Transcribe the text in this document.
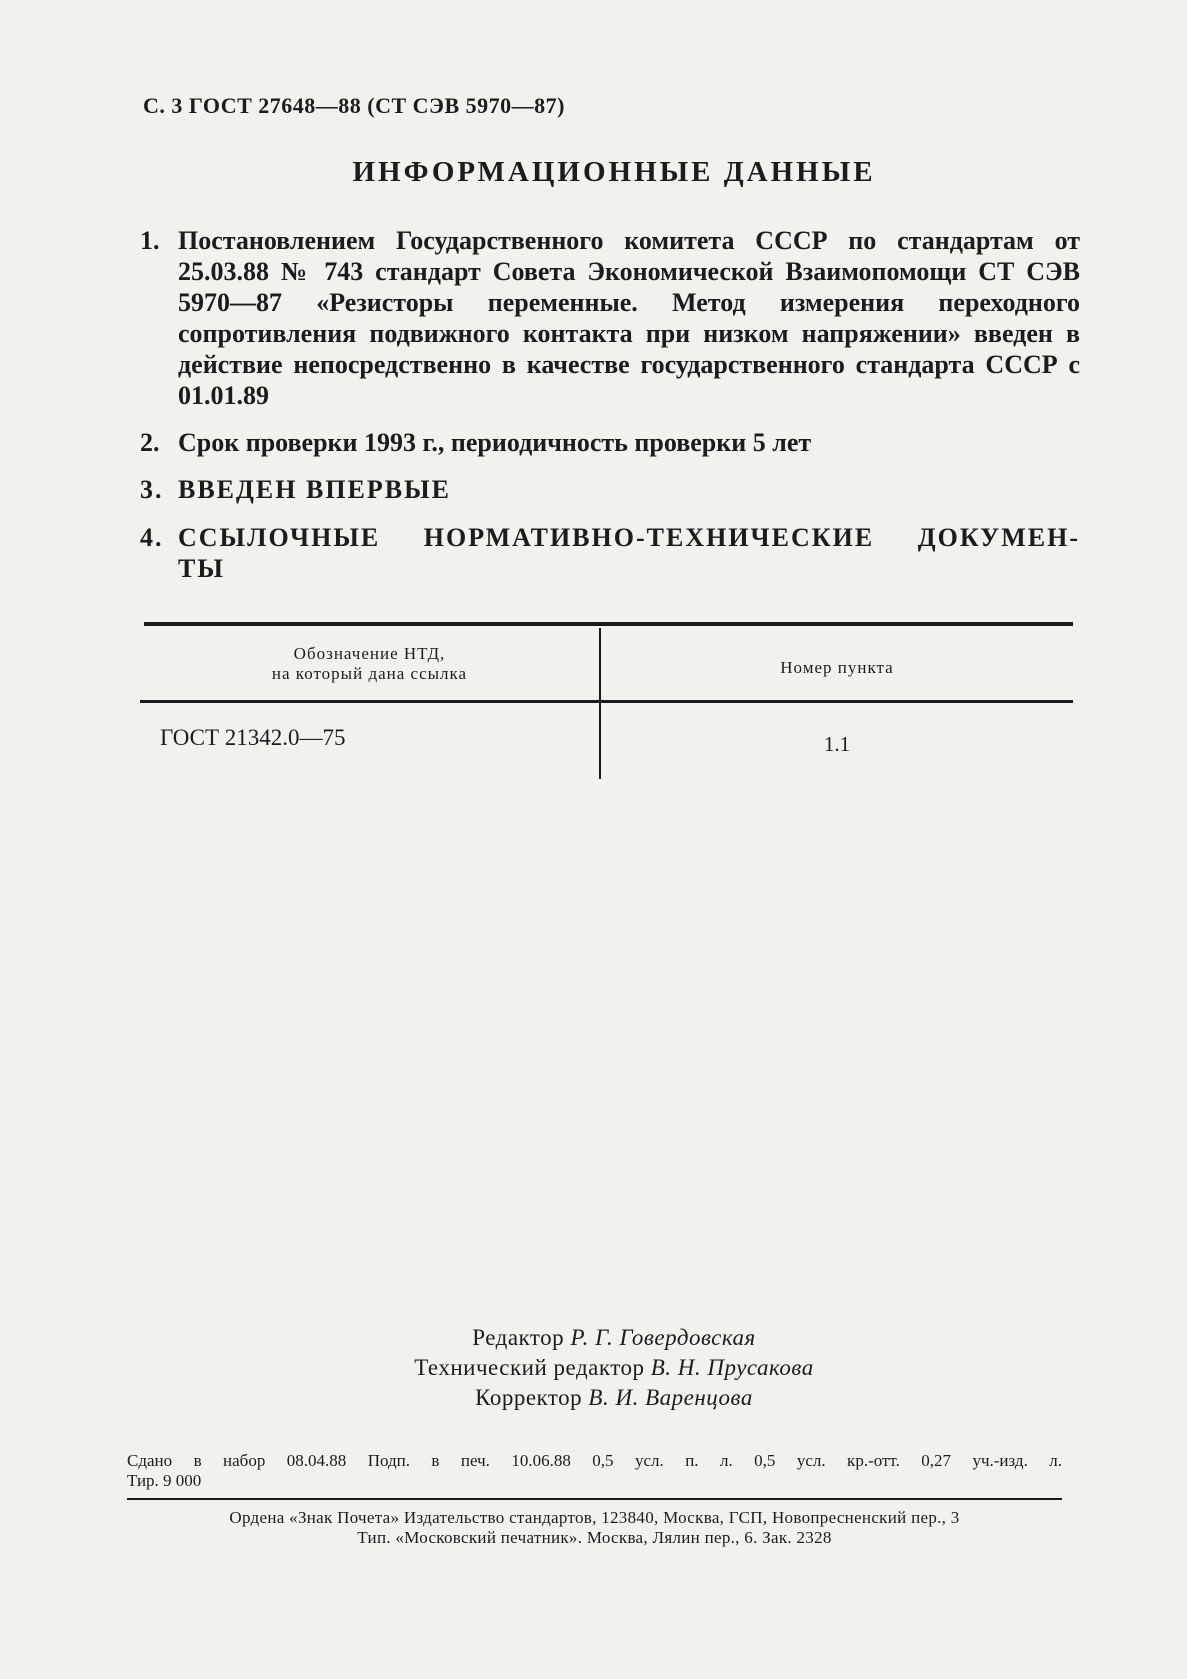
С. 3 ГОСТ 27648—88 (СТ СЭВ 5970—87)
ИНФОРМАЦИОННЫЕ ДАННЫЕ
1. Постановлением Государственного комитета СССР по стандартам от 25.03.88 № 743 стандарт Совета Экономической Взаимопомощи СТ СЭВ 5970—87 «Резисторы переменные. Метод измерения переходного сопротивления подвижного контакта при низком напряжении» введен в действие непосредственно в качестве государственного стандарта СССР с 01.01.89
2. Срок проверки 1993 г., периодичность проверки 5 лет
3. ВВЕДЕН ВПЕРВЫЕ
4. ССЫЛОЧНЫЕ НОРМАТИВНО-ТЕХНИЧЕСКИЕ ДОКУМЕН-
ТЫ
Обозначение НТД,
на который дана ссылка	Номер пункта
ГОСТ 21342.0—75	1.1
Редактор Р. Г. Говердовская
Технический редактор В. Н. Прусакова
Корректор В. И. Варенцова
Сдано в набор 08.04.88 Подп. в печ. 10.06.88 0,5 усл. п. л. 0,5 усл. кр.-отт. 0,27 уч.-изд. л.
Тир. 9 000
Ордена «Знак Почета» Издательство стандартов, 123840, Москва, ГСП, Новопресненский пер., 3
Тип. «Московский печатник». Москва, Лялин пер., 6. Зак. 2328
